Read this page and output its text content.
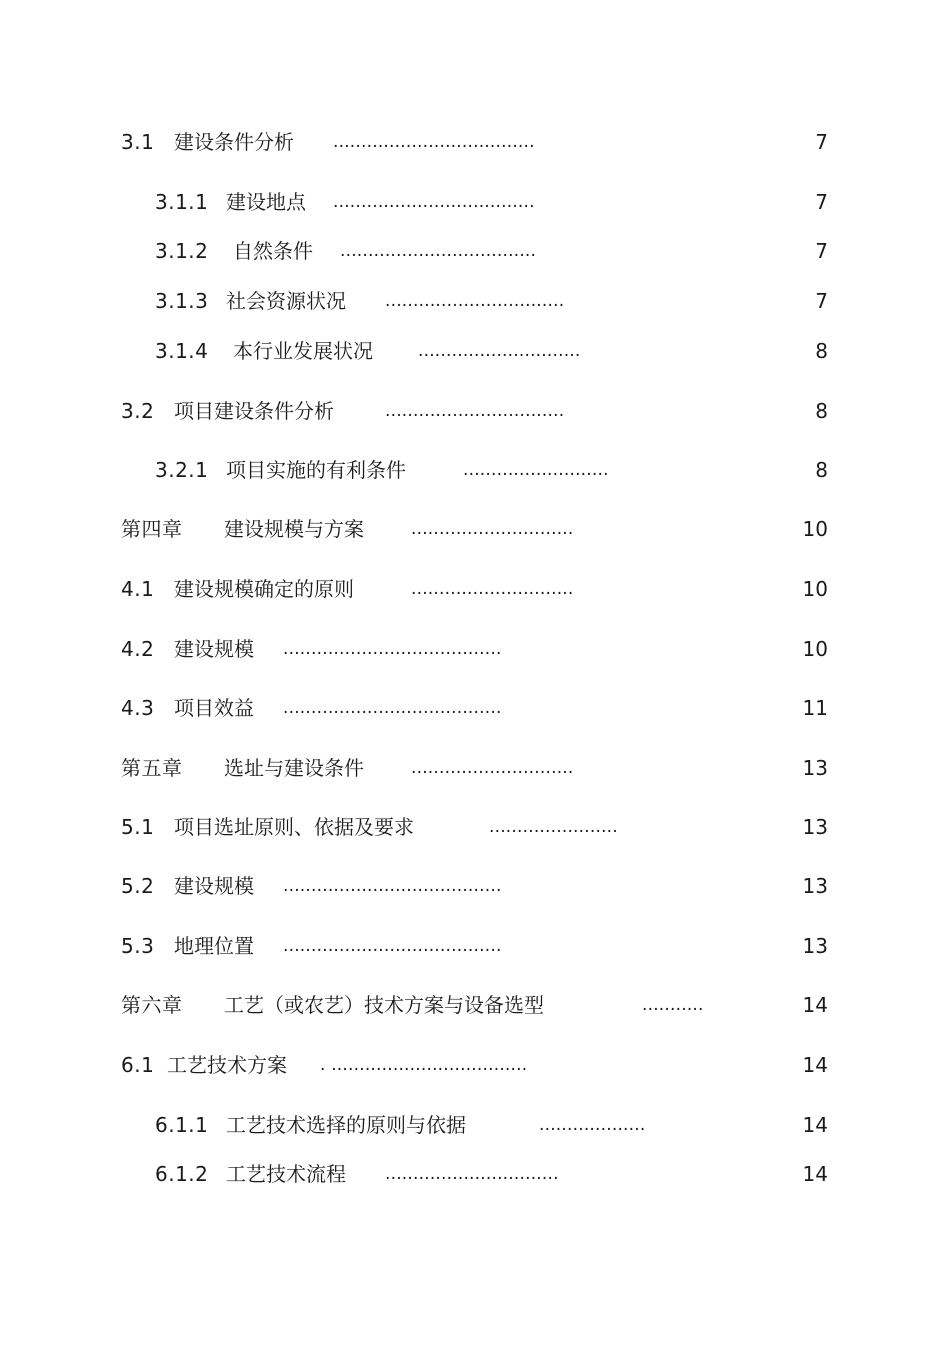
3.1 建设条件分析 ....................................	7
3.1.1 建设地点 ....................................	7
3.1.2 自然条件 ...................................	7
3.1.3 社会资源状况 ................................	7
3.1.4 本行业发展状况	.............................	8
3.2 项目建设条件分析	................................	8
3.2.1 项目实施的有利条件	..........................	8
第四章 建设规模与方案	.............................	10
4.1 建设规模确定的原则	.............................	10
4.2 建设规模 .......................................	10
4.3 项目效益 .......................................	11
第五章 选址与建设条件	.............................	13
5.1 项目选址原则、依据及要求	.......................	13
5.2 建设规模 .......................................	13
5.3 地理位置 .......................................	13
第六章 工艺（或农艺）技术方案与设备选型	...........	14
6.1 工艺技术方案 . ...................................	14
6.1.1 工艺技术选择的原则与依据	...................	14
6.1.2 工艺技术流程 ...............................	14
